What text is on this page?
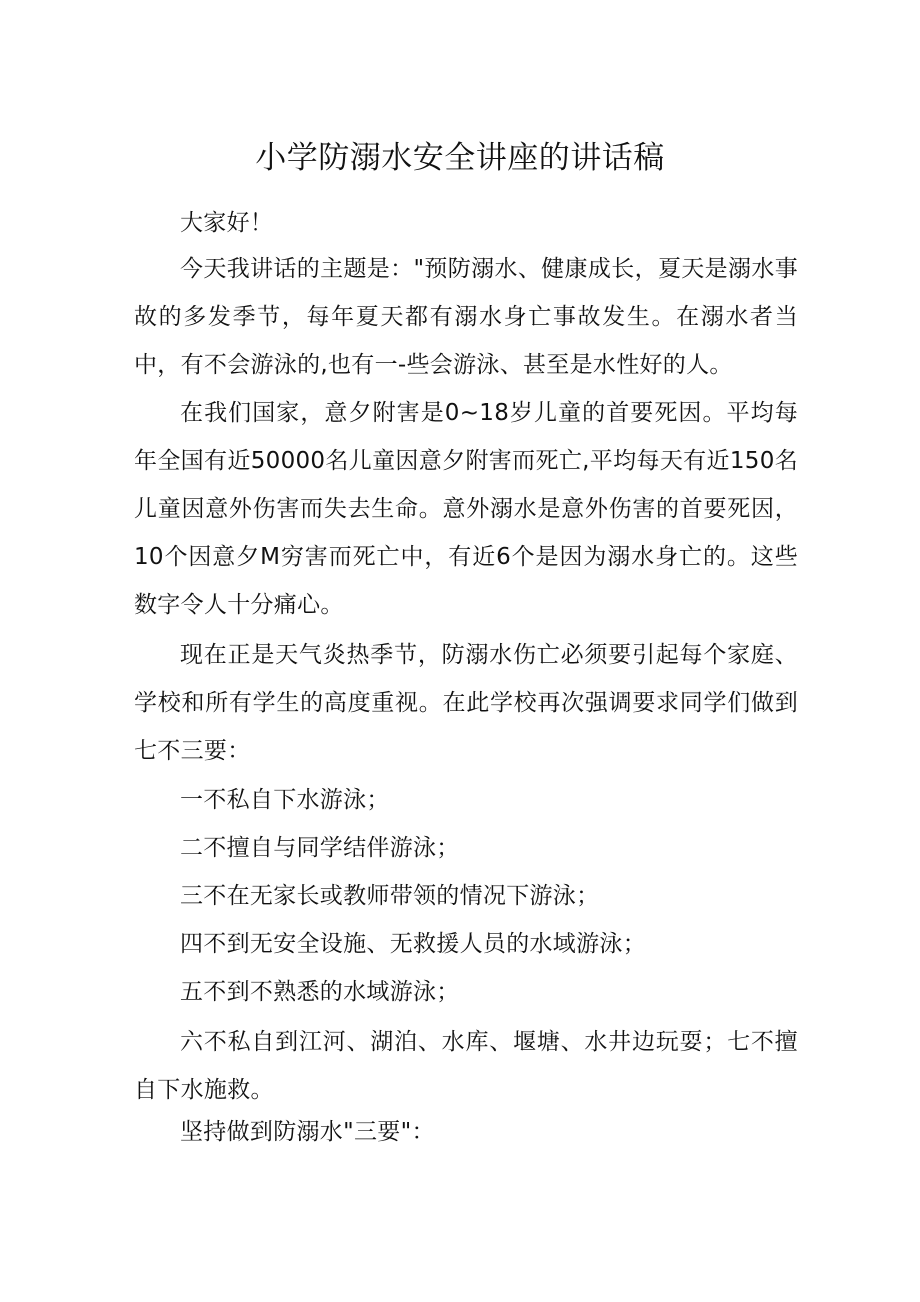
小学防溺水安全讲座的讲话稿

大家好！

今天我讲话的主题是："预防溺水、健康成长，夏天是溺水事故的多发季节，每年夏天都有溺水身亡事故发生。在溺水者当中，有不会游泳的,也有一-些会游泳、甚至是水性好的人。

在我们国家，意夕附害是0~18岁儿童的首要死因。平均每年全国有近50000名儿童因意夕附害而死亡,平均每天有近150名儿童因意外伤害而失去生命。意外溺水是意外伤害的首要死因，10个因意夕M穷害而死亡中，有近6个是因为溺水身亡的。这些数字令人十分痛心。

现在正是天气炎热季节，防溺水伤亡必须要引起每个家庭、学校和所有学生的高度重视。在此学校再次强调要求同学们做到七不三要：

一不私自下水游泳；

二不擅自与同学结伴游泳；

三不在无家长或教师带领的情况下游泳；

四不到无安全设施、无救援人员的水域游泳；

五不到不熟悉的水域游泳；

六不私自到江河、湖泊、水库、堰塘、水井边玩耍；七不擅自下水施救。

坚持做到防溺水"三要"：
